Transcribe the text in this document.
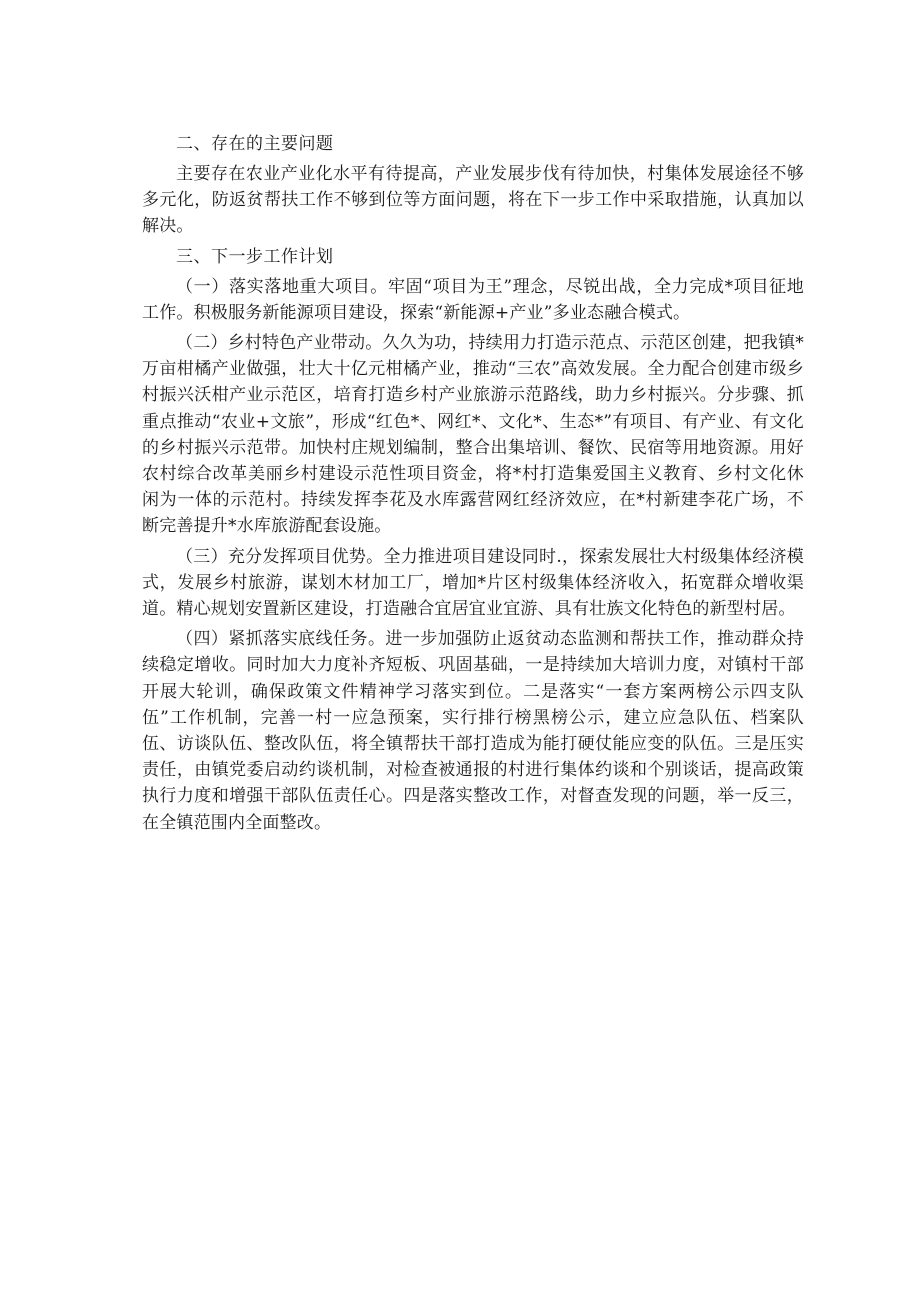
二、存在的主要问题

主要存在农业产业化水平有待提高，产业发展步伐有待加快，村集体发展途径不够多元化，防返贫帮扶工作不够到位等方面问题，将在下一步工作中采取措施，认真加以解决。

三、下一步工作计划

（一）落实落地重大项目。牢固“项目为王”理念，尽锐出战，全力完成*项目征地工作。积极服务新能源项目建设，探索“新能源+产业”多业态融合模式。

（二）乡村特色产业带动。久久为功，持续用力打造示范点、示范区创建，把我镇*万亩柑橘产业做强，壮大十亿元柑橘产业，推动“三农”高效发展。全力配合创建市级乡村振兴沃柑产业示范区，培育打造乡村产业旅游示范路线，助力乡村振兴。分步骤、抓重点推动“农业+文旅”，形成“红色*、网红*、文化*、生态*”有项目、有产业、有文化的乡村振兴示范带。加快村庄规划编制，整合出集培训、餐饮、民宿等用地资源。用好农村综合改革美丽乡村建设示范性项目资金，将*村打造集爱国主义教育、乡村文化休闲为一体的示范村。持续发挥李花及水库露营网红经济效应，在*村新建李花广场，不断完善提升*水库旅游配套设施。

（三）充分发挥项目优势。全力推进项目建设同时.，探索发展壮大村级集体经济模式，发展乡村旅游，谋划木材加工厂，增加*片区村级集体经济收入，拓宽群众增收渠道。精心规划安置新区建设，打造融合宜居宜业宜游、具有壮族文化特色的新型村居。

（四）紧抓落实底线任务。进一步加强防止返贫动态监测和帮扶工作，推动群众持续稳定增收。同时加大力度补齐短板、巩固基础，一是持续加大培训力度，对镇村干部开展大轮训，确保政策文件精神学习落实到位。二是落实“一套方案两榜公示四支队伍”工作机制，完善一村一应急预案，实行排行榜黑榜公示，建立应急队伍、档案队伍、访谈队伍、整改队伍，将全镇帮扶干部打造成为能打硬仗能应变的队伍。三是压实责任，由镇党委启动约谈机制，对检查被通报的村进行集体约谈和个别谈话，提高政策执行力度和增强干部队伍责任心。四是落实整改工作，对督查发现的问题，举一反三，在全镇范围内全面整改。
